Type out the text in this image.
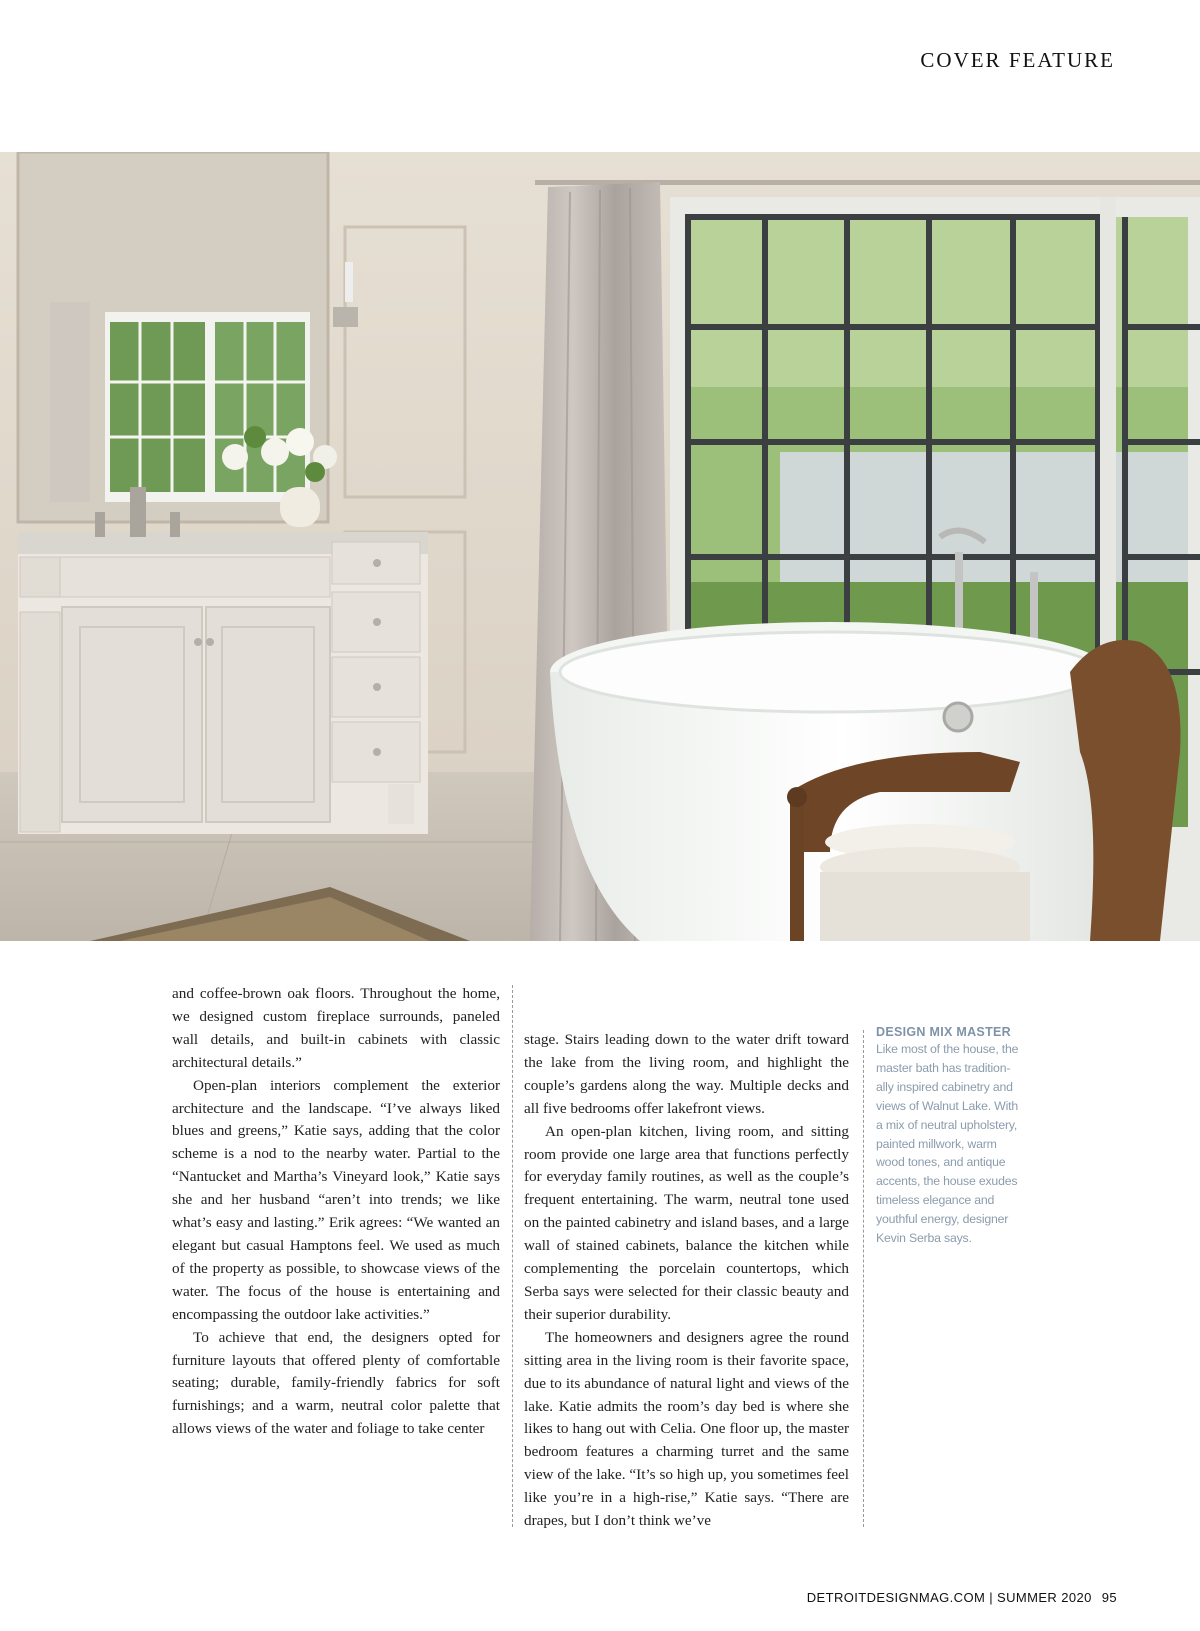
COVER FEATURE

and coffee-brown oak floors. Throughout the home, we designed custom fireplace surrounds, paneled wall details, and built-in cabinets with classic architectural details.”

Open-plan interiors complement the exterior architecture and the landscape. “I’ve always liked blues and greens,” Katie says, adding that the color scheme is a nod to the nearby water. Partial to the “Nantucket and Martha’s Vineyard look,” Katie says she and her husband “aren’t into trends; we like what’s easy and lasting.” Erik agrees: “We wanted an elegant but casual Hamptons feel. We used as much of the property as possible, to showcase views of the water. The focus of the house is entertaining and encompassing the outdoor lake activities.”

To achieve that end, the designers opted for furniture layouts that offered plenty of comfortable seating; durable, family-friendly fabrics for soft furnishings; and a warm, neutral color palette that allows views of the water and foliage to take center

stage. Stairs leading down to the water drift toward the lake from the living room, and highlight the couple’s gardens along the way. Multiple decks and all five bedrooms offer lakefront views.

An open-plan kitchen, living room, and sitting room provide one large area that functions perfectly for everyday family routines, as well as the couple’s frequent entertaining. The warm, neutral tone used on the painted cabinetry and island bases, and a large wall of stained cabinets, balance the kitchen while complementing the porcelain countertops, which Serba says were selected for their classic beauty and their superior durability.

The homeowners and designers agree the round sitting area in the living room is their favorite space, due to its abundance of natural light and views of the lake. Katie admits the room’s day bed is where she likes to hang out with Celia. One floor up, the master bedroom features a charming turret and the same view of the lake. “It’s so high up, you sometimes feel like you’re in a high-rise,” Katie says. “There are drapes, but I don’t think we’ve

DESIGN MIX MASTER

Like most of the house, the master bath has tradition-ally inspired cabinetry and views of Walnut Lake. With a mix of neutral upholstery, painted millwork, warm wood tones, and antique accents, the house exudes timeless elegance and youthful energy, designer Kevin Serba says.

DETROITDESIGNMAG.COM | SUMMER 2020 95
